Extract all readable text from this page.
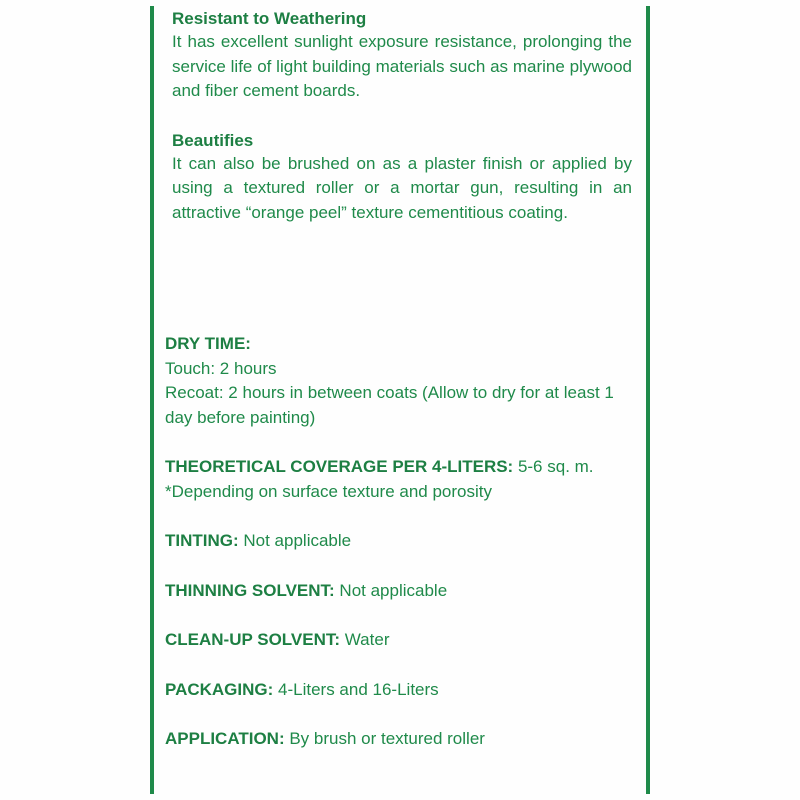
Resistant to Weathering

It has excellent sunlight exposure resistance, prolonging the service life of light building materials such as marine plywood and fiber cement boards.

Beautifies

It can also be brushed on as a plaster finish or applied by using a textured roller or a mortar gun, resulting in an attractive “orange peel” texture cementitious coating.

DRY TIME:
Touch: 2 hours
Recoat: 2 hours in between coats (Allow to dry for at least 1 day before painting)
THEORETICAL COVERAGE PER 4-LITERS: 5-6 sq. m.
*Depending on surface texture and porosity
TINTING: Not applicable
THINNING SOLVENT: Not applicable
CLEAN-UP SOLVENT: Water
PACKAGING: 4-Liters and 16-Liters
APPLICATION: By brush or textured roller
